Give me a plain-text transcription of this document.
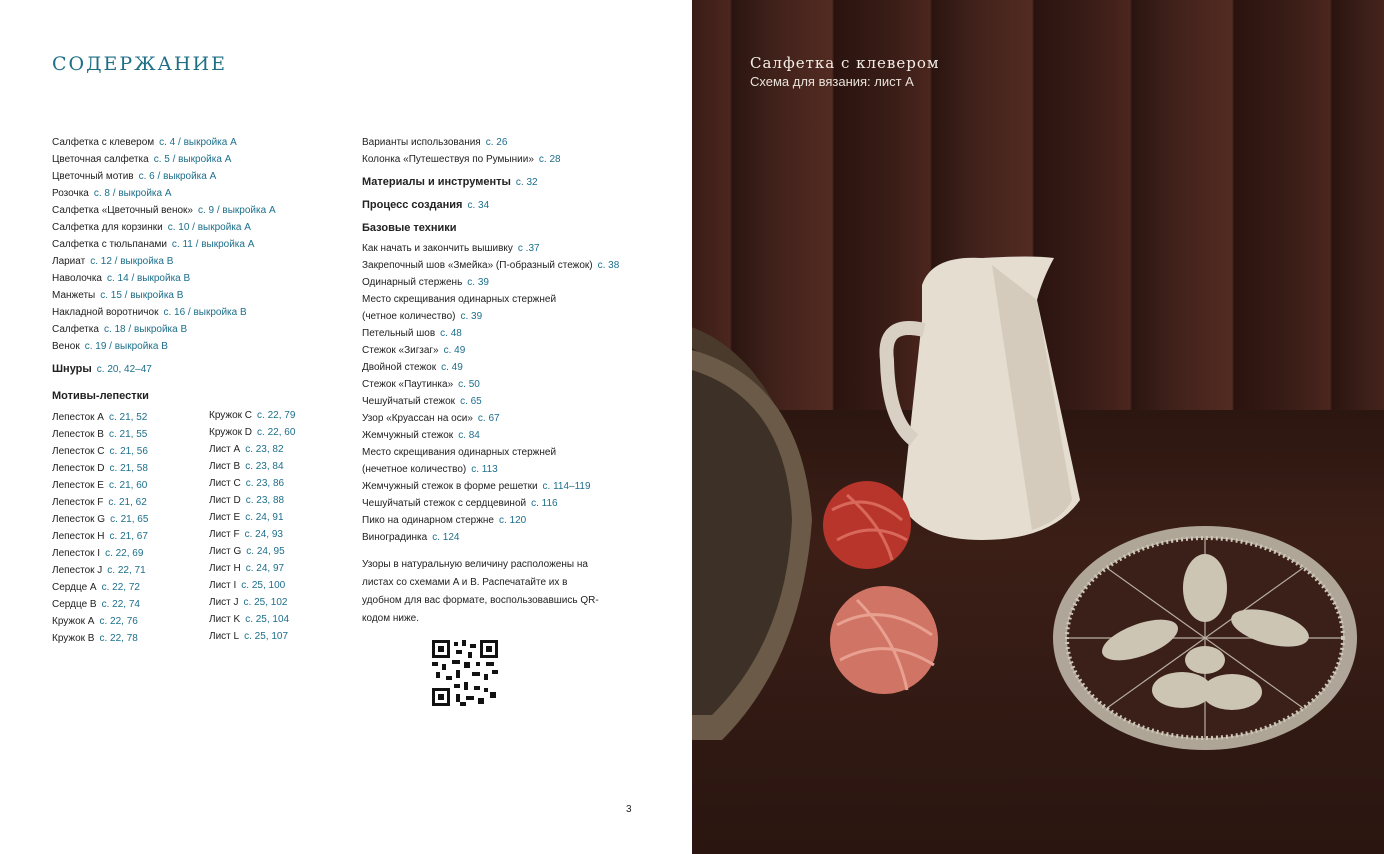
СОДЕРЖАНИЕ
Салфетка с клевером с. 4 / выкройка A
Цветочная салфетка с. 5 / выкройка A
Цветочный мотив с. 6 / выкройка A
Розочка с. 8 / выкройка A
Салфетка «Цветочный венок» с. 9 / выкройка A
Салфетка для корзинки с. 10 / выкройка A
Салфетка с тюльпанами с. 11 / выкройка A
Лариат с. 12 / выкройка B
Наволочка с. 14 / выкройка B
Манжеты с. 15 / выкройка B
Накладной воротничок с. 16 / выкройка B
Салфетка с. 18 / выкройка B
Венок с. 19 / выкройка B
Шнуры с. 20, 42–47
Мотивы-лепестки
Лепесток A с. 21, 52
Лепесток B с. 21, 55
Лепесток C с. 21, 56
Лепесток D с. 21, 58
Лепесток E с. 21, 60
Лепесток F с. 21, 62
Лепесток G с. 21, 65
Лепесток H с. 21, 67
Лепесток I с. 22, 69
Лепесток J с. 22, 71
Сердце A с. 22, 72
Сердце B с. 22, 74
Кружок A с. 22, 76
Кружок B с. 22, 78
Кружок C с. 22, 79
Кружок D с. 22, 60
Лист A с. 23, 82
Лист B с. 23, 84
Лист C с. 23, 86
Лист D с. 23, 88
Лист E с. 24, 91
Лист F с. 24, 93
Лист G с. 24, 95
Лист H с. 24, 97
Лист I с. 25, 100
Лист J с. 25, 102
Лист K с. 25, 104
Лист L с. 25, 107
Варианты использования с. 26
Колонка «Путешествуя по Румынии» с. 28
Материалы и инструменты с. 32
Процесс создания с. 34
Базовые техники
Как начать и закончить вышивку с .37
Закрепочный шов «Змейка» (П-образный стежок) с. 38
Одинарный стержень с. 39
Место скрещивания одинарных стержней
(четное количество) с. 39
Петельный шов с. 48
Стежок «Зигзаг» с. 49
Двойной стежок с. 49
Стежок «Паутинка» с. 50
Чешуйчатый стежок с. 65
Узор «Круассан на оси» с. 67
Жемчужный стежок с. 84
Место скрещивания одинарных стержней
(нечетное количество) с. 113
Жемчужный стежок в форме решетки с. 114–119
Чешуйчатый стежок с сердцевиной с. 116
Пико на одинарном стержне с. 120
Виноградинка с. 124
Узоры в натуральную величину расположены на листах со схемами A и B. Распечатайте их в удобном для вас формате, воспользовавшись QR-кодом ниже.
3
Салфетка с клевером
Схема для вязания: лист A
